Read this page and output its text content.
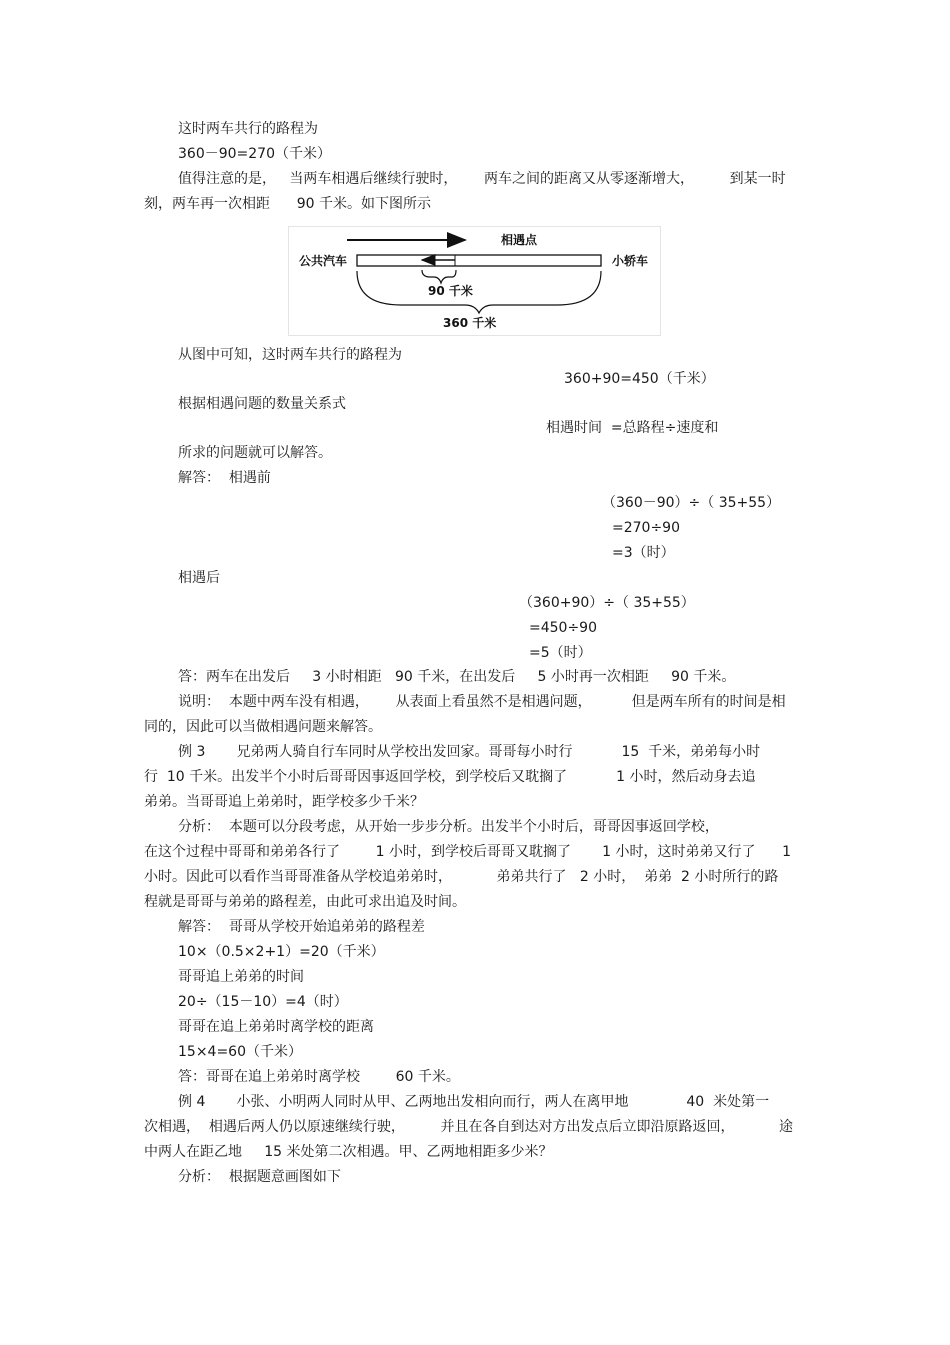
这时两车共行的路程为
360－90=270（千米）
值得注意的是，   当两车相遇后继续行驶时，      两车之间的距离又从零逐渐增大，        到某一时
刻，两车再一次相距      90 千米。如下图所示
相遇点
公共汽车	小轿车
90 千米
360 千米
从图中可知，这时两车共行的路程为
360+90=450（千米）
根据相遇问题的数量关系式
相遇时间  =总路程÷速度和
所求的问题就可以解答。
解答：  相遇前
（360－90）÷（ 35+55）
=270÷90
=3（时）
相遇后
（360+90）÷（ 35+55）
=450÷90
=5（时）
答：两车在出发后     3 小时相距   90 千米，在出发后     5 小时再一次相距     90 千米。
说明：  本题中两车没有相遇，      从表面上看虽然不是相遇问题，         但是两车所有的时间是相
同的，因此可以当做相遇问题来解答。
例 3       兄弟两人骑自行车同时从学校出发回家。哥哥每小时行           15  千米，弟弟每小时
行  10 千米。出发半个小时后哥哥因事返回学校，到学校后又耽搁了           1 小时，然后动身去追
弟弟。当哥哥追上弟弟时，距学校多少千米？
分析：  本题可以分段考虑，从开始一步步分析。出发半个小时后，哥哥因事返回学校，
在这个过程中哥哥和弟弟各行了        1 小时，到学校后哥哥又耽搁了       1 小时，这时弟弟又行了      1
小时。因此可以看作当哥哥准备从学校追弟弟时，          弟弟共行了   2 小时，  弟弟  2 小时所行的路
程就是哥哥与弟弟的路程差，由此可求出追及时间。
解答：  哥哥从学校开始追弟弟的路程差
10×（0.5×2+1）=20（千米）
哥哥追上弟弟的时间
20÷（15－10）=4（时）
哥哥在追上弟弟时离学校的距离
15×4=60（千米）
答：哥哥在追上弟弟时离学校        60 千米。
例 4       小张、小明两人同时从甲、乙两地出发相向而行，两人在离甲地             40  米处第一
次相遇，  相遇后两人仍以原速继续行驶，        并且在各自到达对方出发点后立即沿原路返回，          途
中两人在距乙地     15 米处第二次相遇。甲、乙两地相距多少米？
分析：  根据题意画图如下
